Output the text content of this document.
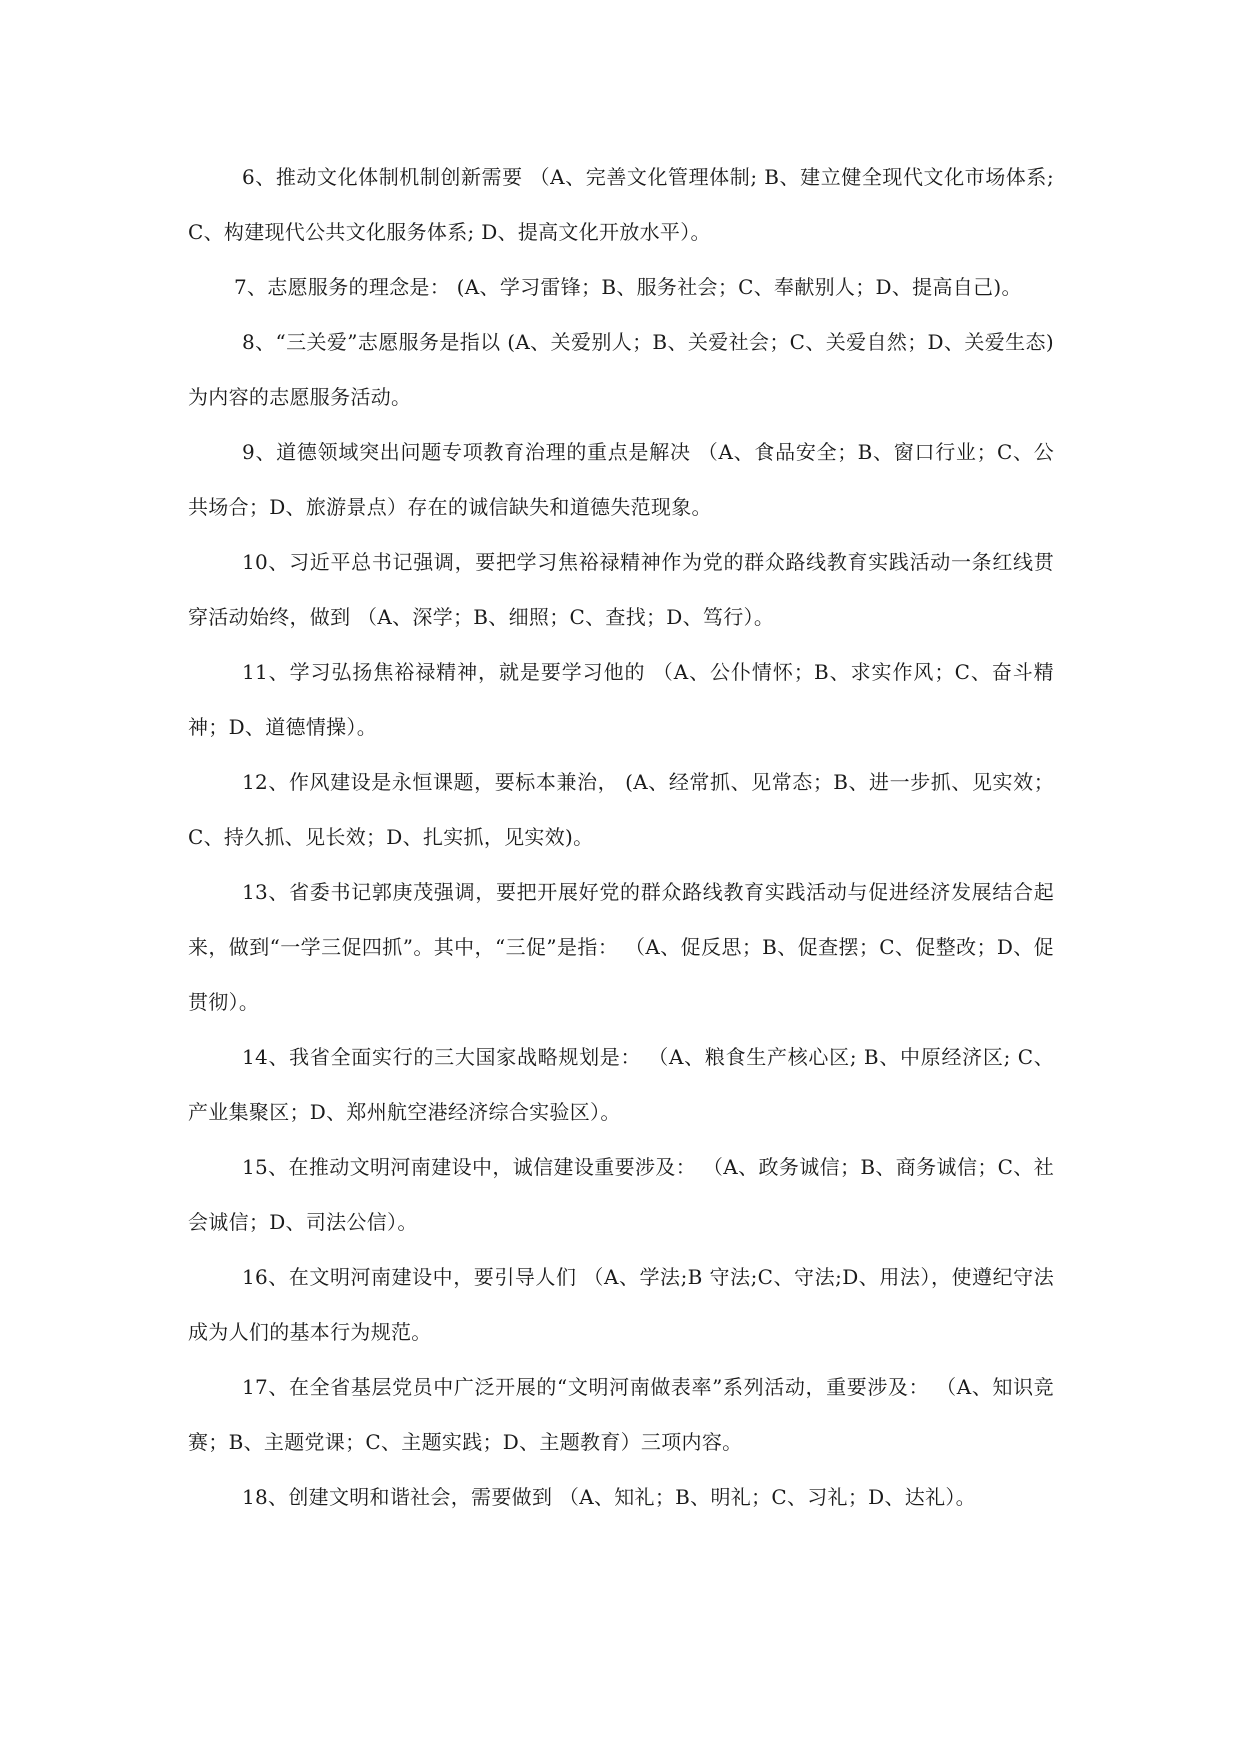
6、推动文化体制机制创新需要 （A、完善文化管理体制; B、建立健全现代文化市场体系; C、构建现代公共文化服务体系; D、提高文化开放水平）。

7、志愿服务的理念是： (A、学习雷锋；B、服务社会；C、奉献别人；D、提高自己)。

8、“三关爱”志愿服务是指以 (A、关爱别人；B、关爱社会；C、关爱自然；D、关爱生态)为内容的志愿服务活动。

9、道德领域突出问题专项教育治理的重点是解决 （A、食品安全；B、窗口行业；C、公共场合；D、旅游景点）存在的诚信缺失和道德失范现象。

10、习近平总书记强调，要把学习焦裕禄精神作为党的群众路线教育实践活动一条红线贯穿活动始终，做到 （A、深学；B、细照；C、查找；D、笃行）。

11、学习弘扬焦裕禄精神，就是要学习他的 （A、公仆情怀；B、求实作风；C、奋斗精神；D、道德情操）。

12、作风建设是永恒课题，要标本兼治， (A、经常抓、见常态；B、进一步抓、见实效；C、持久抓、见长效；D、扎实抓，见实效)。

13、省委书记郭庚茂强调，要把开展好党的群众路线教育实践活动与促进经济发展结合起来，做到“一学三促四抓”。其中，“三促”是指： （A、促反思；B、促查摆；C、促整改；D、促贯彻）。

14、我省全面实行的三大国家战略规划是： （A、粮食生产核心区; B、中原经济区; C、产业集聚区；D、郑州航空港经济综合实验区）。

15、在推动文明河南建设中，诚信建设重要涉及： （A、政务诚信；B、商务诚信；C、社会诚信；D、司法公信）。

16、在文明河南建设中，要引导人们 （A、学法;B 守法;C、守法;D、用法），使遵纪守法成为人们的基本行为规范。

17、在全省基层党员中广泛开展的“文明河南做表率”系列活动，重要涉及： （A、知识竞赛；B、主题党课；C、主题实践；D、主题教育）三项内容。

18、创建文明和谐社会，需要做到 （A、知礼；B、明礼；C、习礼；D、达礼）。
